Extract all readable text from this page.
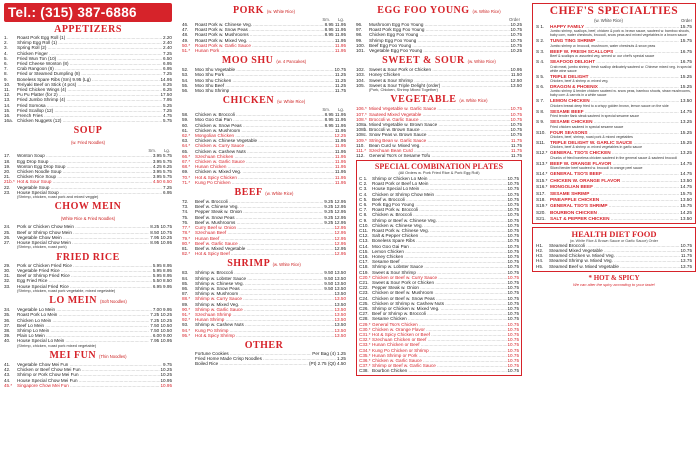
Tel.: (315) 387-6886
APPETIZERS
1.	Roast Pork Egg Roll (1) .....	2.20
2.	Shrimp Egg Roll (1) .....	2.40
3.	Spring Roll (2) .....	2.40
4.	Chicken Finger .....	7.25
5.	Fried Wun Ton (10) .....	6.50
6.	Fried Cheese Wonton (8) .....	6.95
7.	Crab Rangoon (8) .....	6.95
8.	Fried or Steamed Dumpling (8) .....	7.25
9.	Boneless Spare Ribs (Sm) 9.95 (Lg) .....	14.95
10.	Teriyaki Beef on Stick (4 pcs) .....	8.25
11.	Fried Chicken Wings (4) .....	6.25
12.	Pu Pu Platter (for 2) .....	17.50
13.	Fried Jumbo Shrimp (4) .....	7.95
14.	Fried Somosa .....	5.25
15.	Fried Scallop (12) .....	7.25
16.	French Fries .....	4.75
16a. Chicken Nuggets (12) .....	5.75
SOUP
(w. Fried Noodles)
Sm. Lg.
17.	Wonton Soup .....	3.95 5.75
18.	Egg Drop Soup .....	3.95 5.75
19.	Wonton Egg Drop Soup .....	4.25 6.25
20.	Chicken Noodle Soup .....	3.95 5.75
21.	Chicken Rice Soup .....	3.95 5.75
21b.* Hot & Sour Soup .....	4.50 6.50
22.	Vegetable Soup .....	7.25
23.	House Special Soup .....	6.95
(Shrimp, chicken, roast pork and mixed veggie)
CHOW MEIN
(White Rice & Fried Noodles)
24.	Pork or Chicken Chow Mein .....	8.25 10.75
25.	Beef or Shrimp Chow Mein .....	8.50 10.75
26.	Vegetable Chow Mein .....	7.95 10.25
27.	House Special Chow Mein .....	8.95 10.95
(Shrimp, chicken, roast pork)
FRIED RICE
29.	Pork or Chicken Fried Rice .....	5.95 8.95
30.	Vegetable Fried Rice .....	5.95 8.95
31.	Beef or Shrimp Fried Rice .....	5.95 8.95
32.	Egg Fried Rice .....	5.50 8.50
33.	House Special Fried Rice .....	6.95 9.95
(Shrimp, chicken, roast pork vegetable, mixed vegetable)
LO MEIN (Soft Noodles)
34.	Vegetable Lo Mein .....	7.00 9.95
35.	Roast Pork Lo Mein .....	7.25 10.25
36.	Chicken Lo Mein .....	7.25 10.25
37.	Beef Lo Mein .....	7.50 10.50
38.	Shrimp Lo Mein .....	7.50 10.50
39.	Plain Lo Mein .....	6.00 9.00
40.	House Special Lo Mein .....	7.95 10.95
(Shrimp, chicken, roast pork mixed vegetable)
MEI FUN (Thin Noodles)
41.	Vegetable Chow Mei Fun .....	9.75
42.	Chicken or Beef Chow Mei Fun .....	10.25
43.	Shrimp or Pork Chow Mei Fun .....	10.25
44.	House Special Chow Mei Fun .....	10.95
45.*	Singapore Chow Mei Fun .....	10.95
PORK (w. White Rice)
Sm. Lg.
46.	Roast Pork w. Chinese Veg. .....	8.95 11.95
47.	Roast Pork w. Snow Peas .....	8.95 11.95
48.	Roast Pork w. Mushrooms .....	8.95 11.95
49.	Roast Pork w. Mixed Veg. .....	11.95
50.*	Roast Pork w. Garlic Sauce .....	11.95
51.*	Hunan Pork .....	11.95
MOO SHU (w. 4 Pancakes)
52.	Moo Shu Vegetable .....	10.75
53.	Moo Shu Pork .....	11.25
54.	Moo Shu Chicken .....	11.25
55.	Moo Shu Beef .....	11.25
56.	Moo Shu Shrimp .....	11.75
CHICKEN (w. White Rice)
Sm. Lg.
58.	Chicken w. Broccoli .....	8.95 11.95
59.	Moo Goo Gai Pan .....	8.95 11.95
60.	Chicken w. Snow Peas .....	8.95 11.95
61.	Chicken w. Mushroom .....	11.95
62.*	Mongolian Chicken .....	12.25
63.	Chicken w. Chinese Vegetable .....	11.95
64.*	Chicken w. Curry Sauce .....	11.95
65.	Chicken w. Cashew Nuts .....	11.95
66.*	Szechuan Chicken .....	11.95
67.*	Chicken w. Garlic Sauce .....	11.95
68.*	Hunan Chicken .....	11.95
69.	Chicken w. Mixed Veg. .....	11.95
70.*	Hot & Spicy Chicken .....	11.95
71.*	Kung Po Chicken .....	11.95
BEEF (w. White Rice)
72.	Beef w. Broccoli .....	9.25 12.95
73.	Beef w. Chinese Veg. .....	9.25 12.95
74.	Pepper Steak w. Onion .....	9.25 12.95
75.	Beef w. Snow Peas .....	9.25 12.95
76.	Beef w. Mushrooms .....	9.25 12.95
77.*	Curry Beef w. Onion .....	12.95
78.*	Szechuan Beef .....	12.95
79.*	Hunan Beef .....	12.95
80.*	Beef w. Garlic Sauce .....	12.95
81.	Beef w. Mixed Vegetable .....	12.95
82.*	Hot & Spicy Beef .....	12.95
SHRIMP (w. White Rice)
83.	Shrimp w. Broccoli .....	9.50 13.50
84.	Shrimp w. Lobster Sauce .....	9.50 13.50
85.	Shrimp w. Chinese Veg. .....	9.50 13.50
86.	Shrimp w. Snow Peas .....	9.50 13.50
87.	Shrimp w. Mushroom .....	13.50
88.*	Shrimp w. Curry Sauce .....	13.50
89.	Shrimp w. Mixed Veg. .....	13.50
90.*	Shrimp w. Garlic Sauce .....	13.50
91.*	Szechuan Shrimp .....	13.50
92.*	Hunan Shrimp .....	13.50
93.	Shrimp w. Cashew Nuts .....	13.50
94.*	Kung Po Shrimp .....	13.50
95.*	Hot & Spicy Shrimp .....	13.50
OTHER
Fortune Cookies .....	Per Bag (4) 1.25
Fried Home Made Crisp Noodles .....	1.25
Boiled Rice .....	(Pt) 2.75 (Qt) 4.50
EGG FOO YOUNG (w. White Rice)
Order
96.	Mushroom Egg Foo Young .....	10.25
97.	Roast Pork Egg Foo Young .....	10.75
98.	Chicken Egg Foo Young .....	10.75
99.	Shrimp Egg Foo Young .....	10.75
100. Beef Egg Foo Young .....	10.75
101. Vegetable Egg Foo Young .....	10.25
SWEET & SOUR (w. White Rice)
102. Sweet & Sour Pork or Chicken .....	10.95
103. Honey Chicken .....	11.50
104. Sweet & Sour Shrimp .....	12.50
105. Sweet & Sour Triple Delight (order) .....	13.50
(Pork, Chicken, Shrimp Mixed Together)
VEGETABLE (w. White Rice)
106.* Mixed Vegetable w. Garlic Sauce .....	10.75
107.* Sauteed Mixed Vegetable .....	10.75
108.* Broccoli w. Garlic Sauce .....	10.75
108a. Mixed Vegetable w. Brown Sauce .....	10.75
108b. Broccoli w. Brown Sauce .....	10.75
108c. Snow Peas w. Brown Sauce .....	10.75
109.* String Bean w. Garlic Sauce .....	11.75
110. Bean Curd w. Mixed Veg. .....	11.75
111.* Szechuan Bean Curd .....	11.75
112. General Tso's or Sesame Tofu .....	11.75
SPECIAL COMBINATION PLATES
(All Orders w. Pork Fried Rice & Pork Egg Roll)
C 1. Shrimp or Chicken Lo Mein .....	10.75
C 2. Roast Pork or Beef Lo Mein .....	10.75
C 3. House Special Lo Mein .....	10.75
C 4. Chicken or Shrimp Chow Mein .....	10.75
C 5. Beef w. Broccoli .....	10.75
C 6. Pork Egg Foo Young .....	10.75
C 7. Roast Pork w. Broccoli .....	10.75
C 8. Chicken w. Broccoli .....	10.75
C 9. Shrimp or Beef w. Chinese Veg. .....	10.75
C10. Chicken w. Chinese Veg. .....	10.75
C11. Roast Pork w. Chinese Veg. .....	10.75
C12. Salt & Pepper Chicken .....	10.75
C13. Boneless Spare Ribs .....	10.75
C14. Moo Goo Gai Pan .....	10.75
C15. Lemon Chicken .....	10.75
C16. Honey Chicken .....	10.75
C17. Sesame Beef .....	10.75
C18. Shrimp w. Lobster Sauce .....	10.75
C19. Sweet & Sour Shrimp .....	10.75
C20.* Chicken or Beef w. Curry Sauce .....	10.75
C21. Sweet & Sour Pork or Chicken .....	10.75
C22. Pepper Steak w. Onion .....	10.75
C23. Chicken or Beef w. Mushroom .....	10.75
C24. Chicken or Beef w. Snow Peas .....	10.75
C25. Chicken or Shrimp w. Cashew Nuts .....	10.75
C26. Shrimp or Chicken w. Mixed Veg. .....	10.75
C27. Beef or Shrimp w. Broccoli .....	10.75
C28. Sesame Chicken .....	10.75
C29.* General Tso's Chicken .....	10.75
C30.* Chicken w. Orange Flavor .....	10.75
C31.* Hot & Spicy Chicken or Beef .....	10.75
C32.* Szechuan Chicken or Beef .....	10.75
C33.* Hunan Chicken or Beef .....	10.75
C34.* Kung Po Chicken or Shrimp .....	10.75
C35.* Hunan Shrimp or Pork .....	10.75
C36.* Chicken w. Garlic Sauce .....	10.75
C37.* Shrimp or Beef w. Garlic Sauce .....	10.75
C38. Bourbon Chicken .....	10.75
CHEF'S SPECIALTIES
(w. White Rice)	Order
S 1.	HAPPY FAMILY .....	15.75
Jumbo shrimp, scallops, beef, chicken & pork w. brown sauce, sauteed w. bamboo shoots, baby corn, water chestnuts, broccoli, snow peas and mixed vegetables in a brown sauce
S 2.	TUNG TING SHRIMP .....	15.75
Jumbo shrimp w. broccoli, mushroom, water chestnuts & snow peas
S 3.	BEEF W. FRESH SCALLOPS .....	16.75
Beef & scallops w. assorted veg. served w. our chef's special sauce
S 4.	SEAFOOD DELIGHT .....	16.75
Crab meat, jumbo shrimp, fresh scallop delicately sauteed w. Chinese mixed veg. in special white wine sauce
S 5.	TRIPLE DELIGHT .....	15.25
Chicken, beef & shrimp w. mixed veg.
S 6.	DRAGON & PHOENIX .....	15.25
Jumbo shrimp & tender chicken sauteed w. snow peas, bamboo shoots, straw mushrooms, baby corn & carrots in a white sauce
S 7.	LEMON CHICKEN .....	13.50
Chicken breast deep fried to a crispy golden brown, lemon sauce on the side
S 8.	SESAME BEEF .....	14.75
Fried tender flank steak sauteed in special sesame sauce
S 9.	SESAME CHICKEN .....	13.25
Fried chicken sauteed in special sesame sauce
S10. FOUR SEASONS .....	15.25
Chicken, beef, shrimp, roast pork & mixed vegetables
S11.	TRIPLE DELIGHT W. GARLIC SAUCE .....	15.25
Chicken, beef & shrimp w. mixed vegetables in garlic sauce
S12.* GENERAL TSO'S CHICKEN .....	13.25
Chunks of fried boneless chicken sauteed in the general sauce & sauteed broccoli
S13.* BEEF W. ORANGE FLAVOR .....	14.75
Sliced tender beef sauteed w. broccoli in orange peel sauce
S14.* GENERAL TSO'S BEEF .....	14.75
S15.* CHICKEN W. ORANGE FLAVOR .....	13.50
S16.* MONGOLIAN BEEF .....	14.75
S17. SESAME SHRIMP .....	15.75
S18. PINEAPPLE CHICKEN .....	13.50
S19.* GENERAL TSO'S SHRIMP .....	15.75
S20. BOURBON CHICKEN .....	14.25
S21. SALT & PEPPER CHICKEN .....	13.50
HEALTH DIET FOOD
(w. White Rice & Brown Sauce or Garlic Sauce) Order
H1.	Steamed Broccoli .....	10.75
H2.	Steamed Mixed Vegetable .....	10.75
H3.	Steamed Chicken w. Mixed Veg. .....	11.75
H4.	Steamed Shrimp w. Mixed Veg. .....	13.75
H5.	Steamed Beef w. Mixed Vegetable .....	13.75
* HOT & SPICY
We can alter the spicy according to your taste!
